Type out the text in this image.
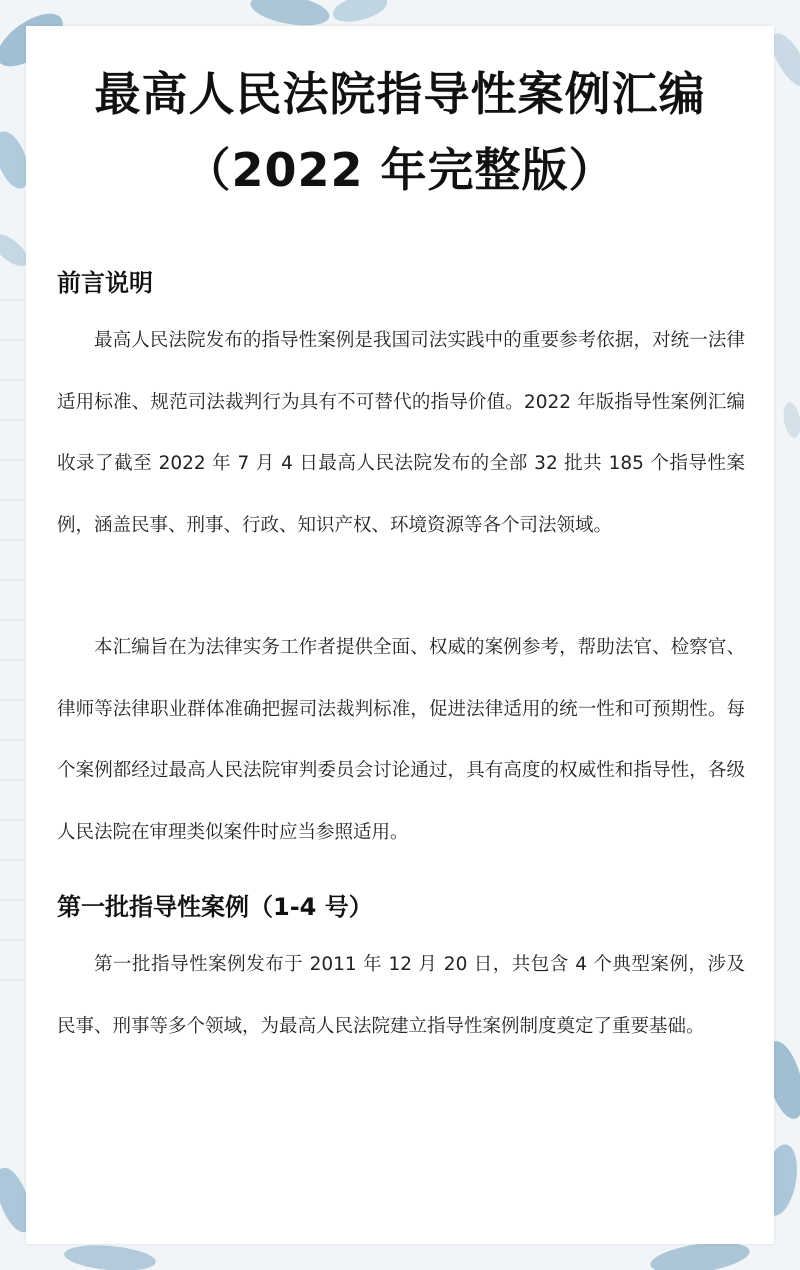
最高人民法院指导性案例汇编
（2022 年完整版）
前言说明

最高人民法院发布的指导性案例是我国司法实践中的重要参考依据，对统一法律适用标准、规范司法裁判行为具有不可替代的指导价值。2022 年版指导性案例汇编收录了截至 2022 年 7 月 4 日最高人民法院发布的全部 32 批共 185 个指导性案例，涵盖民事、刑事、行政、知识产权、环境资源等各个司法领域。

本汇编旨在为法律实务工作者提供全面、权威的案例参考，帮助法官、检察官、律师等法律职业群体准确把握司法裁判标准，促进法律适用的统一性和可预期性。每个案例都经过最高人民法院审判委员会讨论通过，具有高度的权威性和指导性，各级人民法院在审理类似案件时应当参照适用。

第一批指导性案例（1-4 号）

第一批指导性案例发布于 2011 年 12 月 20 日，共包含 4 个典型案例，涉及民事、刑事等多个领域，为最高人民法院建立指导性案例制度奠定了重要基础。
